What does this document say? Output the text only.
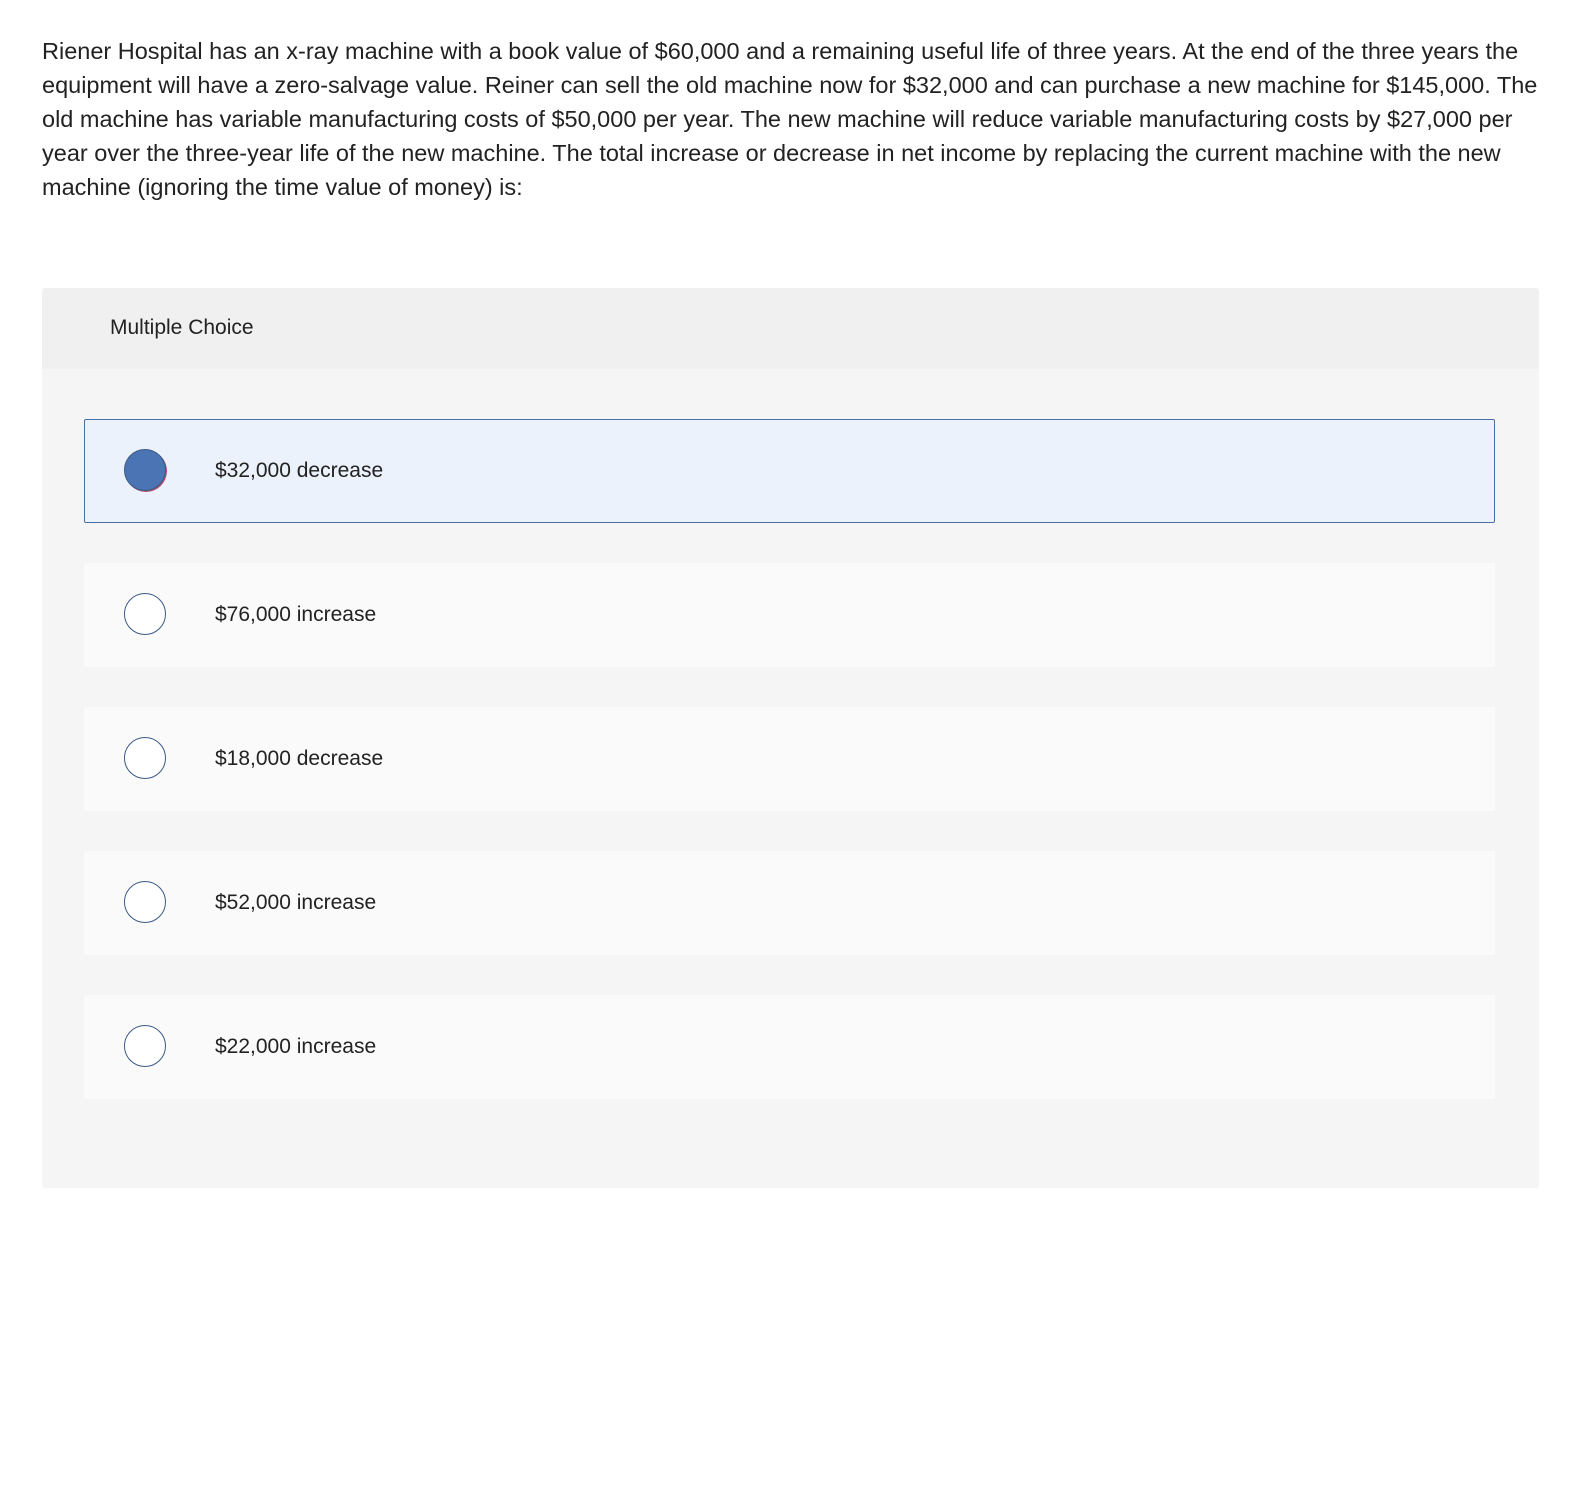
Riener Hospital has an x-ray machine with a book value of $60,000 and a remaining useful life of three years. At the end of the three years the equipment will have a zero-salvage value. Reiner can sell the old machine now for $32,000 and can purchase a new machine for $145,000. The old machine has variable manufacturing costs of $50,000 per year. The new machine will reduce variable manufacturing costs by $27,000 per year over the three-year life of the new machine. The total increase or decrease in net income by replacing the current machine with the new machine (ignoring the time value of money) is:

Multiple Choice
$32,000 decrease
$76,000 increase
$18,000 decrease
$52,000 increase
$22,000 increase
